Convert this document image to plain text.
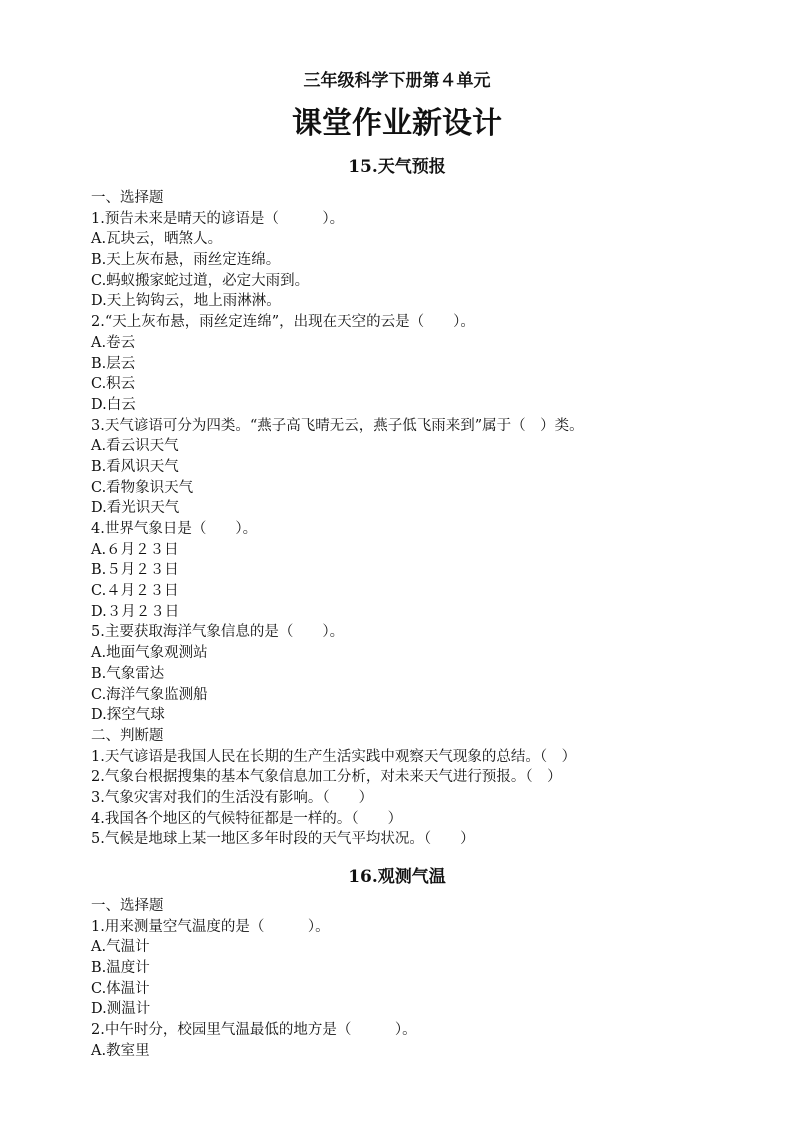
三年级科学下册第４单元
课堂作业新设计
15.天气预报
一、选择题
1.预告未来是晴天的谚语是（　　　）。
A.瓦块云，晒煞人。
B.天上灰布悬，雨丝定连绵。
C.蚂蚁搬家蛇过道，必定大雨到。
D.天上钩钩云，地上雨淋淋。
2.“天上灰布悬，雨丝定连绵”，出现在天空的云是（　　）。
A.卷云
B.层云
C.积云
D.白云
3.天气谚语可分为四类。“燕子高飞晴无云，燕子低飞雨来到”属于（　）类。
A.看云识天气
B.看风识天气
C.看物象识天气
D.看光识天气
4.世界气象日是（　　）。
A.６月２３日
B.５月２３日
C.４月２３日
D.３月２３日
5.主要获取海洋气象信息的是（　　）。
A.地面气象观测站
B.气象雷达
C.海洋气象监测船
D.探空气球
二、判断题
1.天气谚语是我国人民在长期的生产生活实践中观察天气现象的总结。（　）
2.气象台根据搜集的基本气象信息加工分析，对未来天气进行预报。（　）
3.气象灾害对我们的生活没有影响。（　　）
4.我国各个地区的气候特征都是一样的。（　　）
5.气候是地球上某一地区多年时段的天气平均状况。（　　）
16.观测气温
一、选择题
1.用来测量空气温度的是（　　　）。
A.气温计
B.温度计
C.体温计
D.测温计
2.中午时分，校园里气温最低的地方是（　　　）。
A.教室里
